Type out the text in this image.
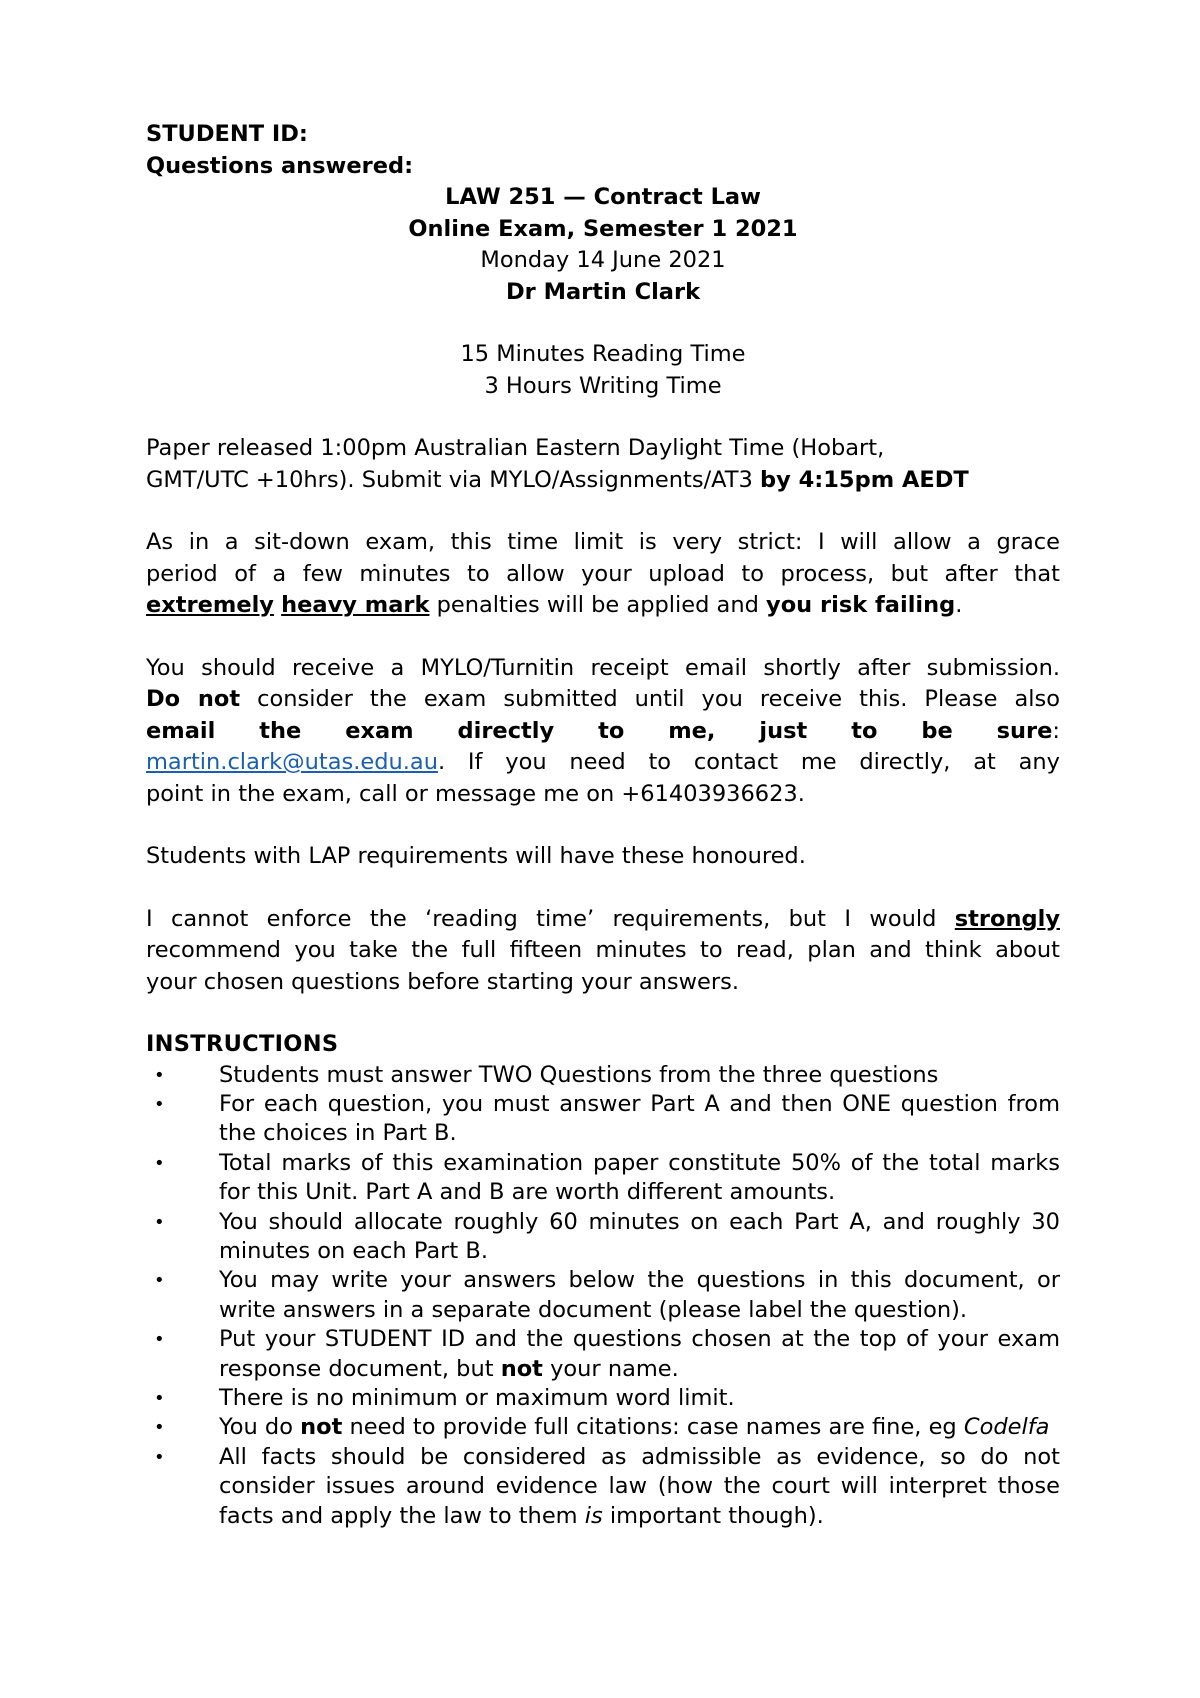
STUDENT ID:

Questions answered:

LAW 251 — Contract Law

Online Exam, Semester 1 2021

Monday 14 June 2021

Dr Martin Clark

15 Minutes Reading Time

3 Hours Writing Time

Paper released 1:00pm Australian Eastern Daylight Time (Hobart,
GMT/UTC +10hrs). Submit via MYLO/Assignments/AT3 by 4:15pm AEDT

As in a sit-down exam, this time limit is very strict: I will allow a grace
period of a few minutes to allow your upload to process, but after that
extremely heavy mark penalties will be applied and you risk failing.
You should receive a MYLO/Turnitin receipt email shortly after submission.
Do not consider the exam submitted until you receive this. Please also
email the exam directly to me, just to be sure:
martin.clark@utas.edu.au. If you need to contact me directly, at any
point in the exam, call or message me on +61403936623.

Students with LAP requirements will have these honoured.

I cannot enforce the ‘reading time’ requirements, but I would strongly
recommend you take the full fifteen minutes to read, plan and think about
your chosen questions before starting your answers.

INSTRUCTIONS

• Students must answer TWO Questions from the three questions
• For each question, you must answer Part A and then ONE question from the choices in Part B.
• Total marks of this examination paper constitute 50% of the total marks for this Unit. Part A and B are worth different amounts.
• You should allocate roughly 60 minutes on each Part A, and roughly 30 minutes on each Part B.
• You may write your answers below the questions in this document, or write answers in a separate document (please label the question).
• Put your STUDENT ID and the questions chosen at the top of your exam response document, but not your name.
• There is no minimum or maximum word limit.
• You do not need to provide full citations: case names are fine, eg Codelfa
• All facts should be considered as admissible as evidence, so do not consider issues around evidence law (how the court will interpret those facts and apply the law to them is important though).
